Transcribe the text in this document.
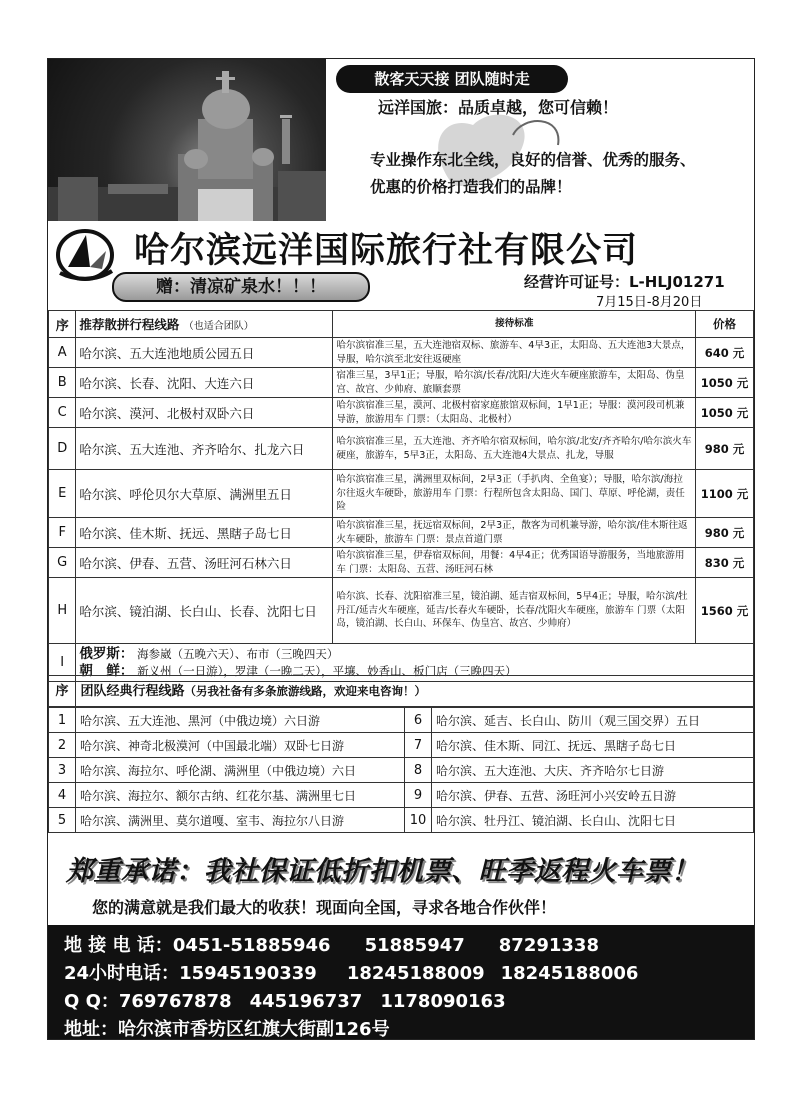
散客天天接 团队随时走
远洋国旅：品质卓越，您可信赖！
专业操作东北全线，良好的信誉、优秀的服务、
优惠的价格打造我们的品牌！
哈尔滨远洋国际旅行社有限公司
赠：清凉矿泉水！！！	经营许可证号：L-HLJ01271
7月15日-8月20日
序	推荐散拼行程线路 （也适合团队）	接待标准	价格
A	哈尔滨、五大连池地质公园五日	哈尔滨宿准三星，五大连池宿双标、旅游车、4早3正，太阳岛、五大连池3大景点，导服，哈尔滨至北安往返硬座	640 元
B	哈尔滨、长春、沈阳、大连六日	宿准三星，3早1正；导服，哈尔滨/长春/沈阳/大连火车硬座旅游车，太阳岛、伪皇宫、故宫、少帅府、旅顺套票	1050 元
C	哈尔滨、漠河、北极村双卧六日	哈尔滨宿准三星，漠河、北极村宿家庭旅馆双标间，1早1正；导服：漠河段司机兼导游，旅游用车 门票：（太阳岛、北极村）	1050 元
D	哈尔滨、五大连池、齐齐哈尔、扎龙六日	哈尔滨宿准三星，五大连池、齐齐哈尔宿双标间，哈尔滨/北安/齐齐哈尔/哈尔滨火车硬座，旅游车，5早3正，太阳岛、五大连池4大景点、扎龙，导服	980 元
E	哈尔滨、呼伦贝尔大草原、满洲里五日	哈尔滨宿准三星，满洲里双标间，2早3正（手扒肉、全鱼宴）；导服，哈尔滨/海拉尔往返火车硬卧，旅游用车 门票：行程所包含太阳岛、国门、草原、呼伦湖，责任险	1100 元
F	哈尔滨、佳木斯、抚远、黑瞎子岛七日	哈尔滨宿准三星，抚远宿双标间，2早3正，散客为司机兼导游，哈尔滨/佳木斯往返火车硬卧，旅游车 门票：景点首道门票	980 元
G	哈尔滨、伊春、五营、汤旺河石林六日	哈尔滨宿准三星，伊春宿双标间，用餐：4早4正；优秀国语导游服务，当地旅游用车 门票：太阳岛、五营、汤旺河石林	830 元
H	哈尔滨、镜泊湖、长白山、长春、沈阳七日	哈尔滨、长春、沈阳宿准三星，镜泊湖、延吉宿双标间，5早4正；导服，哈尔滨/牡丹江/延吉火车硬座，延吉/长春火车硬卧，长春/沈阳火车硬座，旅游车 门票（太阳岛，镜泊湖、长白山、环保车、伪皇宫、故宫、少帅府）	1560 元
I	俄罗斯： 海参崴（五晚六天）、布市（三晚四天）
朝　鲜： 新义州（一日游），罗津（一晚二天），平壤、妙香山、板门店（三晚四天）		
序 团队经典行程线路（另我社备有多条旅游线路，欢迎来电咨询！）
1	哈尔滨、五大连池、黑河（中俄边境）六日游	6	哈尔滨、延吉、长白山、防川（观三国交界）五日
2	哈尔滨、神奇北极漠河（中国最北端）双卧七日游	7	哈尔滨、佳木斯、同江、抚远、黑瞎子岛七日
3	哈尔滨、海拉尔、呼伦湖、满洲里（中俄边境）六日	8	哈尔滨、五大连池、大庆、齐齐哈尔七日游
4	哈尔滨、海拉尔、额尔古纳、红花尔基、满洲里七日	9	哈尔滨、伊春、五营、汤旺河小兴安岭五日游
5	哈尔滨、满洲里、莫尔道嘎、室韦、海拉尔八日游	10	哈尔滨、牡丹江、镜泊湖、长白山、沈阳七日
郑重承诺：我社保证低折扣机票、旺季返程火车票！
您的满意就是我们最大的收获！现面向全国，寻求各地合作伙伴！
地 接 电 话：0451-51885946 51885947 87291338
24小时电话：15945190339 18245188009 18245188006
Q Q：769767878 445196737 1178090163
地址：哈尔滨市香坊区红旗大街副126号
